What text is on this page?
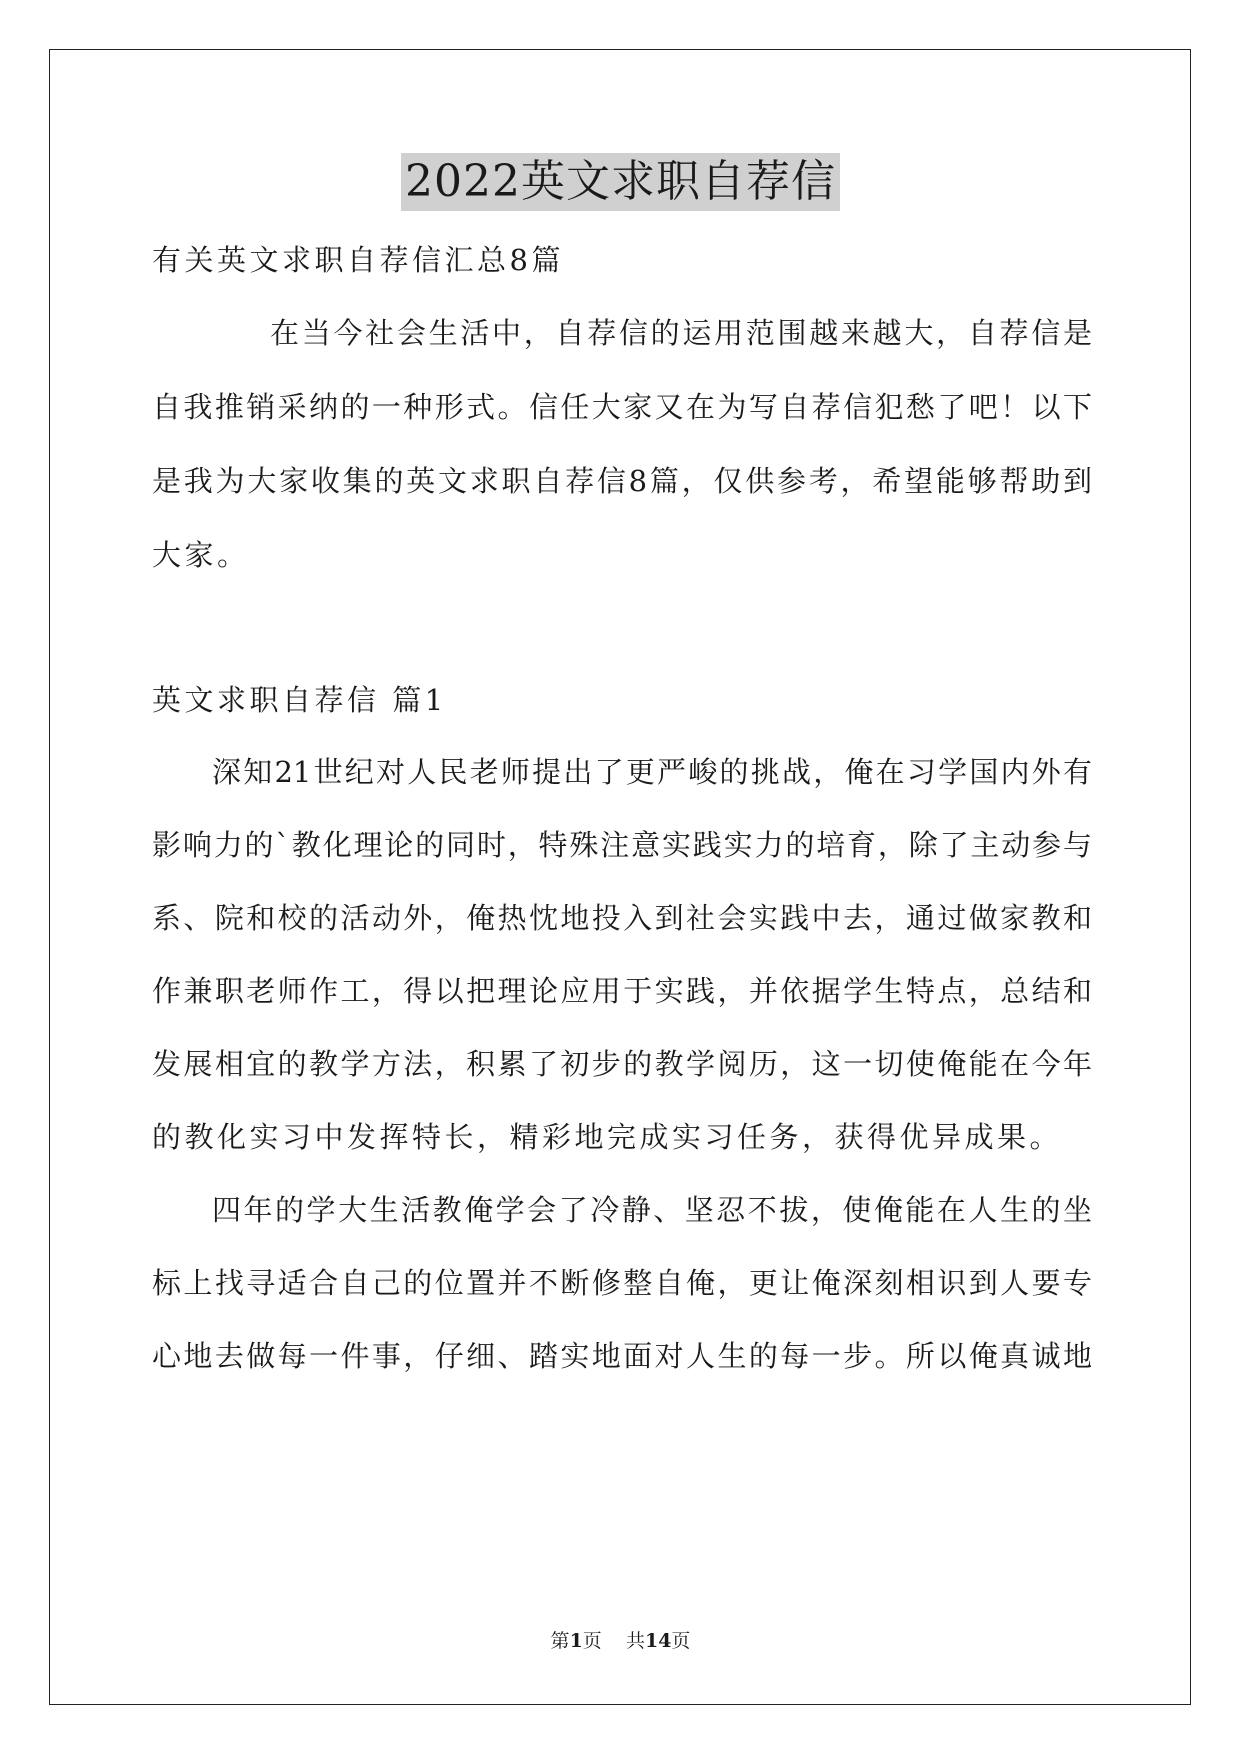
2022英文求职自荐信
有关英文求职自荐信汇总8篇
在当今社会生活中，自荐信的运用范围越来越大，自荐信是
自我推销采纳的一种形式。信任大家又在为写自荐信犯愁了吧！以下
是我为大家收集的英文求职自荐信8篇，仅供参考，希望能够帮助到
大家。
英文求职自荐信 篇1
深知21世纪对人民老师提出了更严峻的挑战，俺在习学国内外有
影响力的`教化理论的同时，特殊注意实践实力的培育，除了主动参与
系、院和校的活动外，俺热忱地投入到社会实践中去，通过做家教和
作兼职老师作工，得以把理论应用于实践，并依据学生特点，总结和
发展相宜的教学方法，积累了初步的教学阅历，这一切使俺能在今年
的教化实习中发挥特长，精彩地完成实习任务，获得优异成果。
四年的学大生活教俺学会了冷静、坚忍不拔，使俺能在人生的坐
标上找寻适合自己的位置并不断修整自俺，更让俺深刻相识到人要专
心地去做每一件事，仔细、踏实地面对人生的每一步。所以俺真诚地
第1页    共14页
